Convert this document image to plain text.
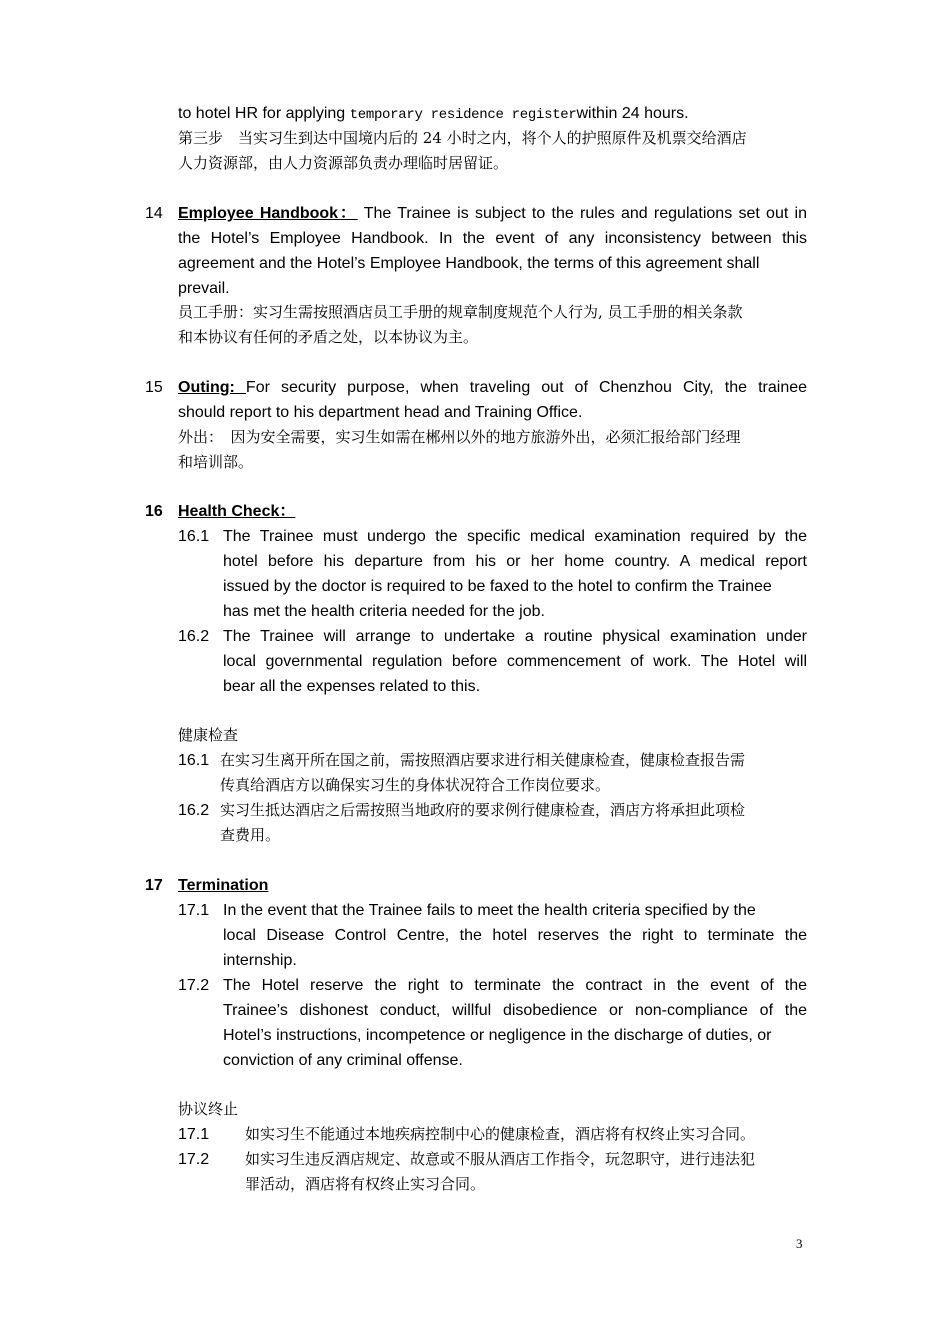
to hotel HR for applying temporary residence registerwithin 24 hours.
第三步　当实习生到达中国境内后的 24 小时之内，将个人的护照原件及机票交给酒店
人力资源部，由人力资源部负责办理临时居留证。
14 Employee Handbook： The Trainee is subject to the rules and regulations set out in
the Hotel’s Employee Handbook. In the event of any inconsistency between this
agreement and the Hotel’s Employee Handbook, the terms of this agreement shall
prevail.
员工手册：实习生需按照酒店员工手册的规章制度规范个人行为, 员工手册的相关条款
和本协议有任何的矛盾之处，以本协议为主。
15 Outing: For security purpose, when traveling out of Chenzhou City, the trainee
should report to his department head and Training Office.
外出：　因为安全需要，实习生如需在郴州以外的地方旅游外出，必须汇报给部门经理
和培训部。
16 Health Check：
16.1 The Trainee must undergo the specific medical examination required by the
hotel before his departure from his or her home country. A medical report
issued by the doctor is required to be faxed to the hotel to confirm the Trainee
has met the health criteria needed for the job.
16.2 The Trainee will arrange to undertake a routine physical examination under
local governmental regulation before commencement of work. The Hotel will
bear all the expenses related to this.
健康检查
16.1 在实习生离开所在国之前，需按照酒店要求进行相关健康检查，健康检查报告需
传真给酒店方以确保实习生的身体状况符合工作岗位要求。
16.2 实习生抵达酒店之后需按照当地政府的要求例行健康检查，酒店方将承担此项检
查费用。
17 Termination
17.1 In the event that the Trainee fails to meet the health criteria specified by the
local Disease Control Centre, the hotel reserves the right to terminate the
internship.
17.2 The Hotel reserve the right to terminate the contract in the event of the
Trainee’s dishonest conduct, willful disobedience or non-compliance of the
Hotel’s instructions, incompetence or negligence in the discharge of duties, or
conviction of any criminal offense.
协议终止
17.1 如实习生不能通过本地疾病控制中心的健康检查，酒店将有权终止实习合同。
17.2 如实习生违反酒店规定、故意或不服从酒店工作指令，玩忽职守，进行违法犯
罪活动，酒店将有权终止实习合同。
3
